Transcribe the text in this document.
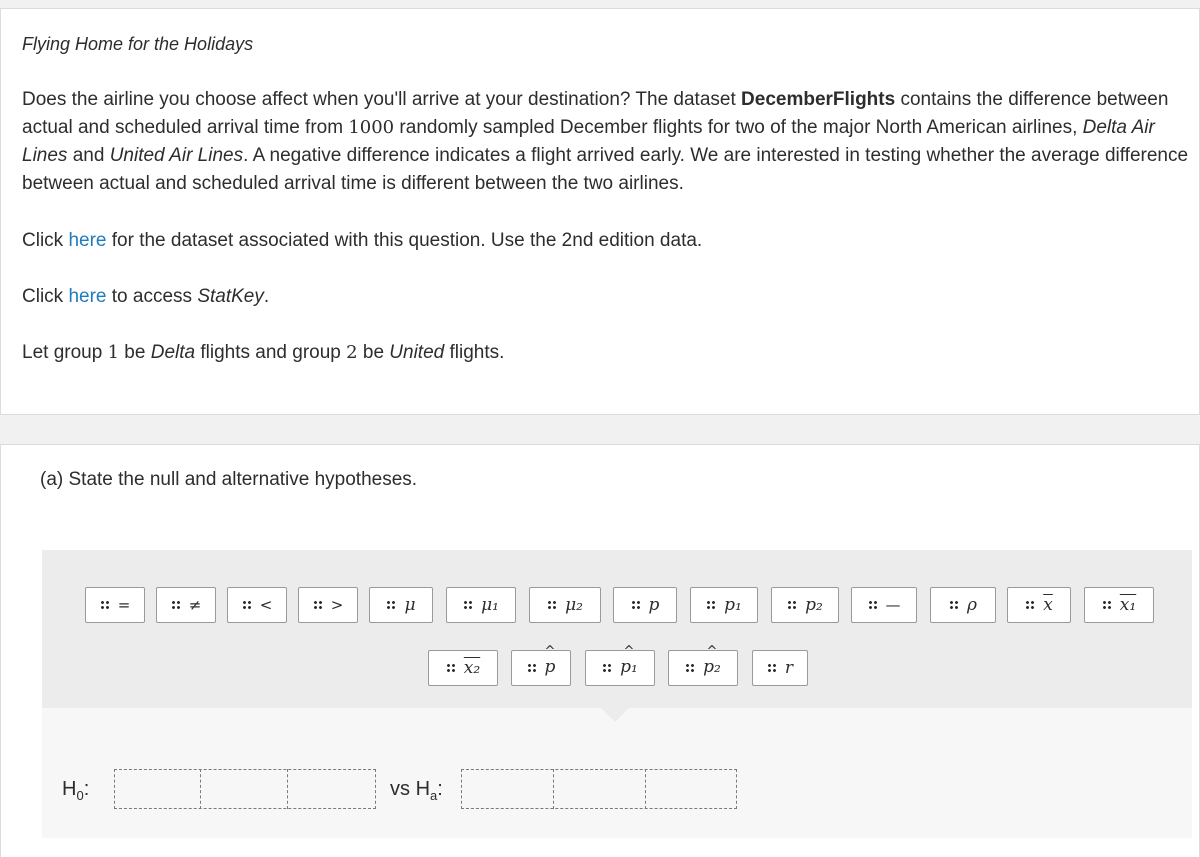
Flying Home for the Holidays
Does the airline you choose affect when you'll arrive at your destination? The dataset DecemberFlights contains the difference between actual and scheduled arrival time from 1000 randomly sampled December flights for two of the major North American airlines, Delta Air Lines and United Air Lines. A negative difference indicates a flight arrived early. We are interested in testing whether the average difference between actual and scheduled arrival time is different between the two airlines.
Click here for the dataset associated with this question. Use the 2nd edition data.
Click here to access StatKey.
Let group 1 be Delta flights and group 2 be United flights.
(a) State the null and alternative hypotheses.
=	≠	<	>	μ	μ₁	μ₂	p	p₁	p₂	—	ρ	$\overline{x}$	x₁
x₂
^
p
^
p₁
^
p₂	r
$H_0$:	vs $H_a$:
